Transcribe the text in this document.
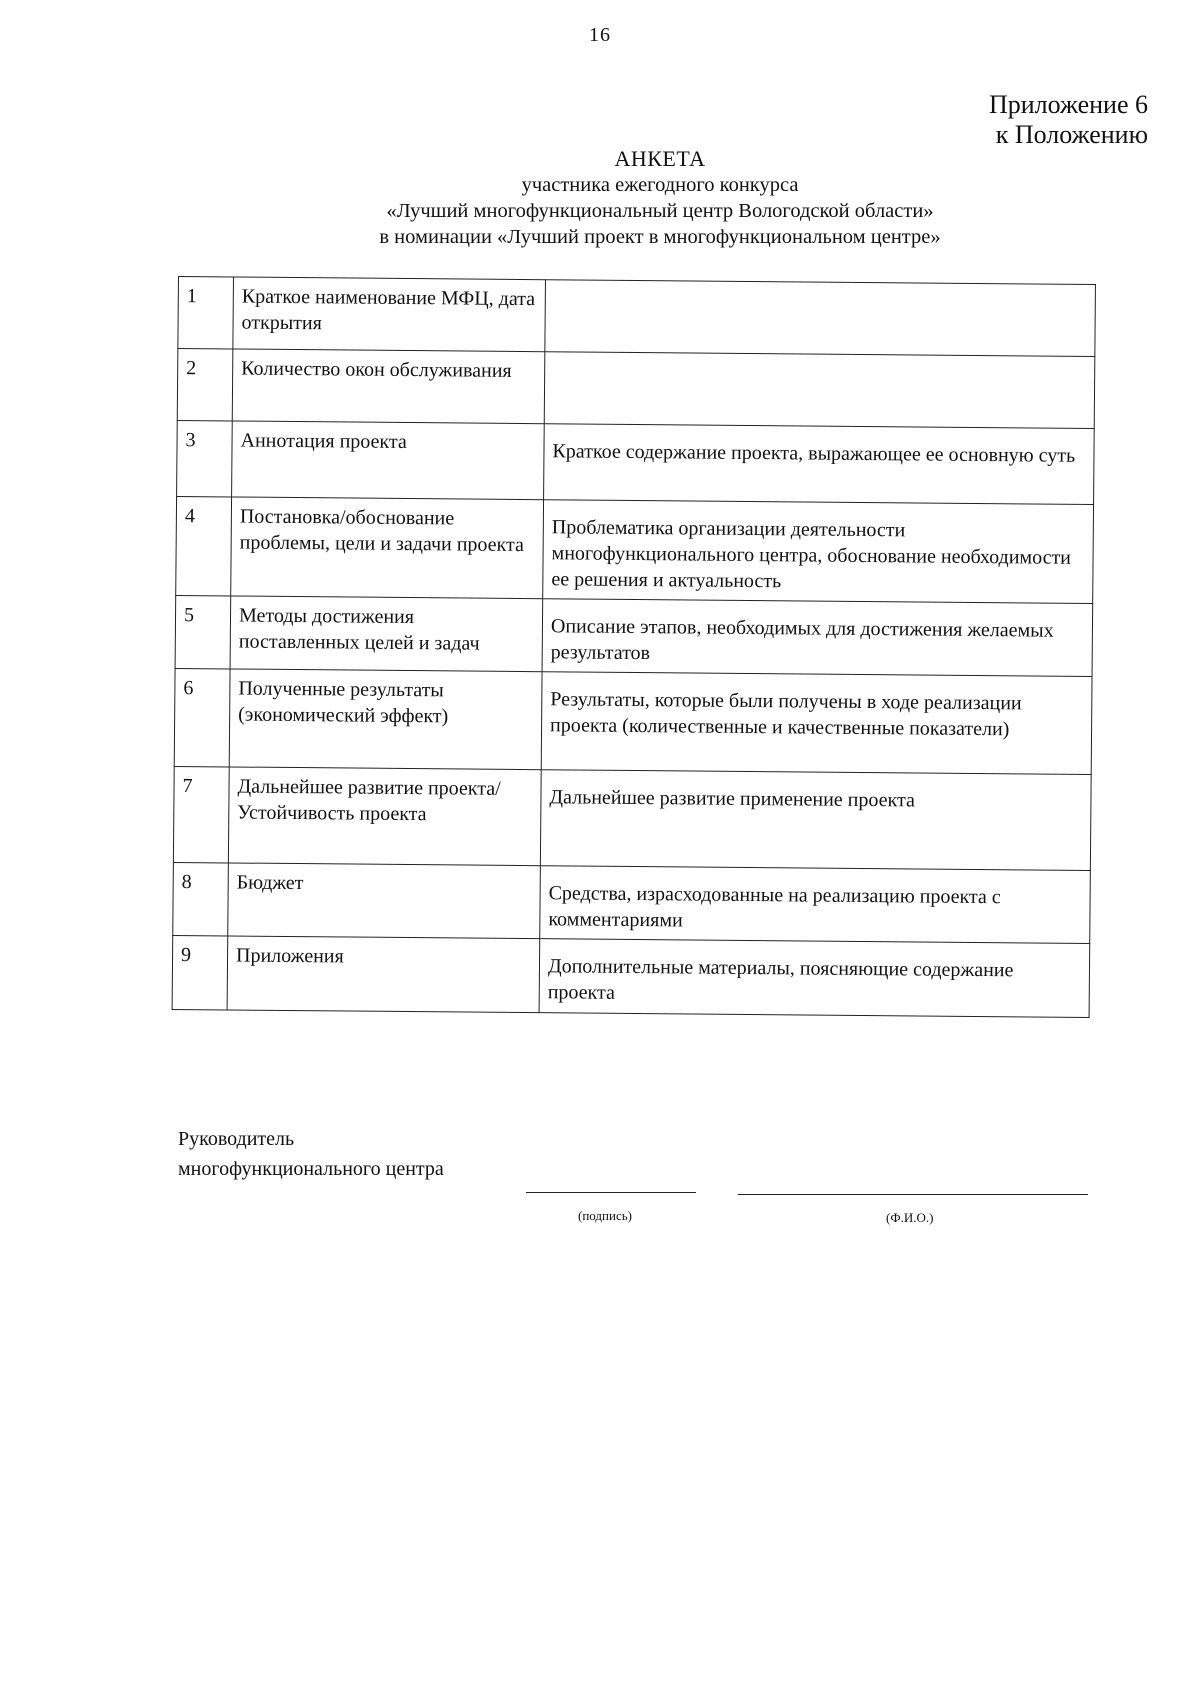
16
Приложение 6
к Положению
АНКЕТА
участника ежегодного конкурса
«Лучший многофункциональный центр Вологодской области»
в номинации «Лучший проект в многофункциональном центре»
1	Краткое наименование МФЦ, дата открытия	
2	Количество окон обслуживания	
3	Аннотация проекта	Краткое содержание проекта, выражающее ее основную суть
4	Постановка/обоснование проблемы, цели и задачи проекта	Проблематика организации деятельности многофункционального центра, обоснование необходимости ее решения и актуальность
5	Методы достижения поставленных целей и задач	Описание этапов, необходимых для достижения желаемых результатов
6	Полученные результаты (экономический эффект)	Результаты, которые были получены в ходе реализации проекта (количественные и качественные показатели)
7	Дальнейшее развитие проекта/Устойчивость проекта	Дальнейшее развитие применение проекта
8	Бюджет	Средства, израсходованные на реализацию проекта с комментариями
9	Приложения	Дополнительные материалы, поясняющие содержание проекта
Руководитель
многофункционального центра
(подпись)	(Ф.И.О.)
